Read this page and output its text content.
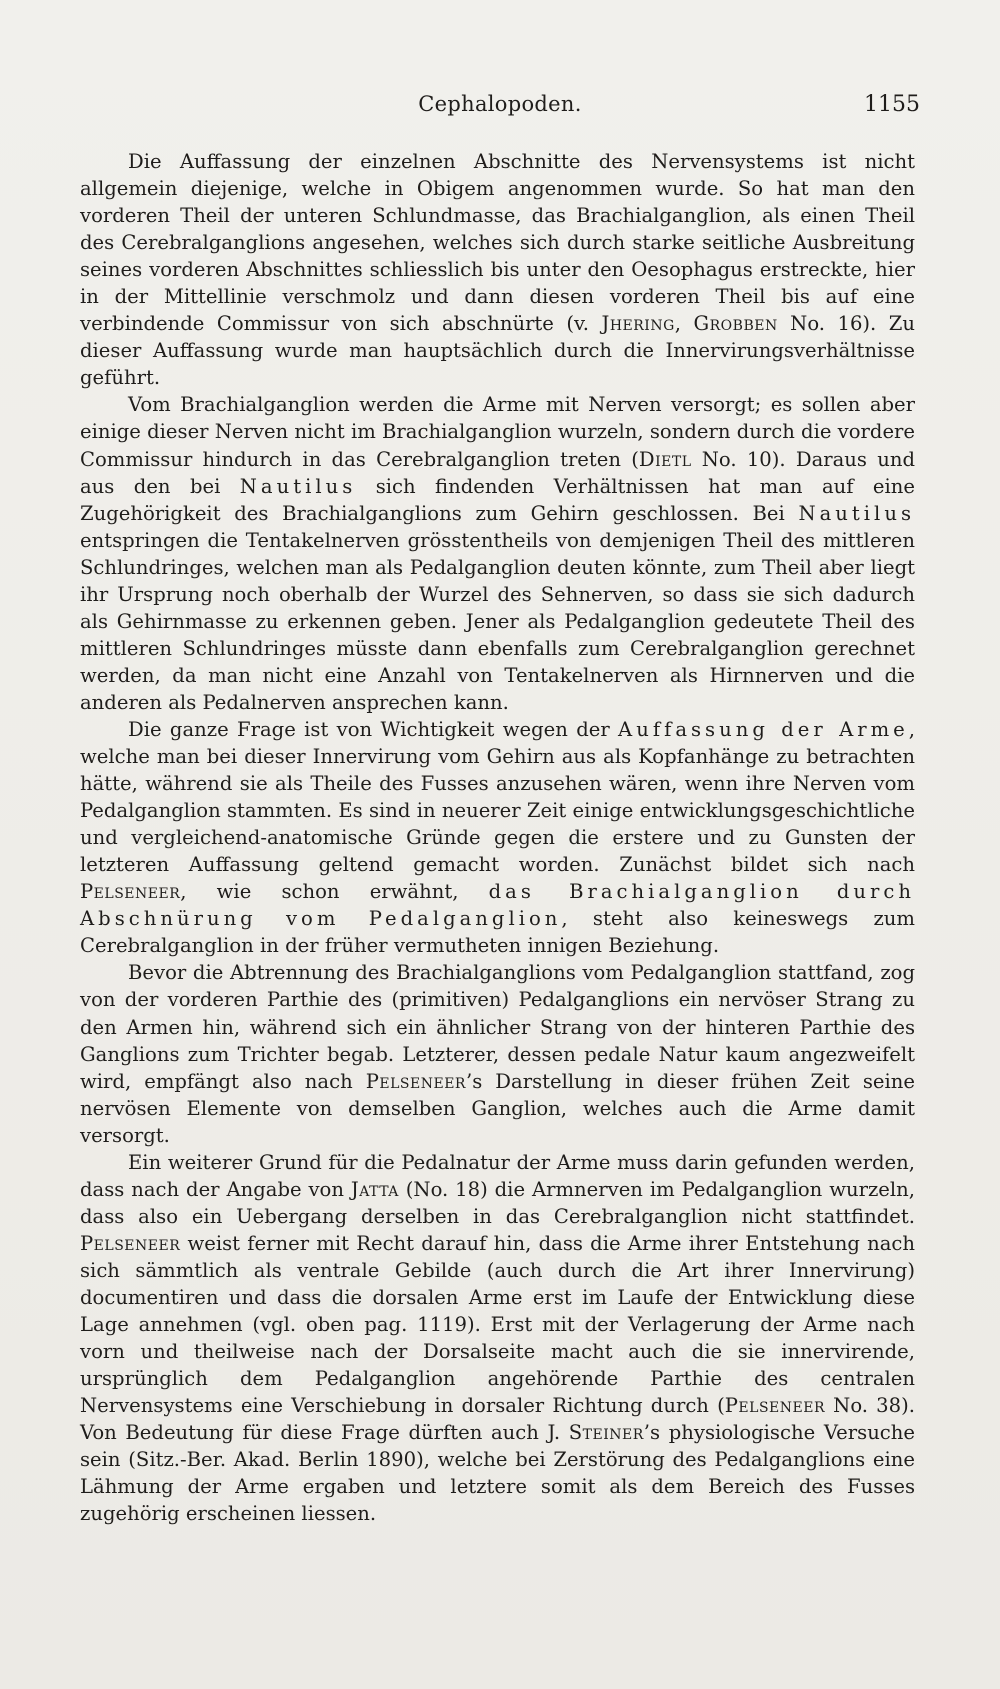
Cephalopoden.	1155

Die Auffassung der einzelnen Abschnitte des Nervensystems ist nicht allgemein diejenige, welche in Obigem angenommen wurde. So hat man den vorderen Theil der unteren Schlundmasse, das Brachialganglion, als einen Theil des Cerebralganglions angesehen, welches sich durch starke seitliche Ausbreitung seines vorderen Abschnittes schliesslich bis unter den Oesophagus erstreckte, hier in der Mittellinie verschmolz und dann diesen vorderen Theil bis auf eine verbindende Commissur von sich abschnürte (v. Jhering, Grobben No. 16). Zu dieser Auffassung wurde man hauptsächlich durch die Innervirungsverhältnisse geführt.

Vom Brachialganglion werden die Arme mit Nerven versorgt; es sollen aber einige dieser Nerven nicht im Brachialganglion wurzeln, sondern durch die vordere Commissur hindurch in das Cerebralganglion treten (Dietl No. 10). Daraus und aus den bei Nautilus sich findenden Verhältnissen hat man auf eine Zugehörigkeit des Brachialganglions zum Gehirn geschlossen. Bei Nautilus entspringen die Tentakelnerven grösstentheils von demjenigen Theil des mittleren Schlundringes, welchen man als Pedalganglion deuten könnte, zum Theil aber liegt ihr Ursprung noch oberhalb der Wurzel des Sehnerven, so dass sie sich dadurch als Gehirnmasse zu erkennen geben. Jener als Pedalganglion gedeutete Theil des mittleren Schlundringes müsste dann ebenfalls zum Cerebralganglion gerechnet werden, da man nicht eine Anzahl von Tentakelnerven als Hirnnerven und die anderen als Pedalnerven ansprechen kann.

Die ganze Frage ist von Wichtigkeit wegen der Auffassung der Arme, welche man bei dieser Innervirung vom Gehirn aus als Kopfanhänge zu betrachten hätte, während sie als Theile des Fusses anzusehen wären, wenn ihre Nerven vom Pedalganglion stammten. Es sind in neuerer Zeit einige entwicklungsgeschichtliche und vergleichend-anatomische Gründe gegen die erstere und zu Gunsten der letzteren Auffassung geltend gemacht worden. Zunächst bildet sich nach Pelseneer, wie schon erwähnt, das Brachialganglion durch Abschnürung vom Pedalganglion, steht also keineswegs zum Cerebralganglion in der früher vermutheten innigen Beziehung.

Bevor die Abtrennung des Brachialganglions vom Pedalganglion stattfand, zog von der vorderen Parthie des (primitiven) Pedalganglions ein nervöser Strang zu den Armen hin, während sich ein ähnlicher Strang von der hinteren Parthie des Ganglions zum Trichter begab. Letzterer, dessen pedale Natur kaum angezweifelt wird, empfängt also nach Pelseneer’s Darstellung in dieser frühen Zeit seine nervösen Elemente von demselben Ganglion, welches auch die Arme damit versorgt.

Ein weiterer Grund für die Pedalnatur der Arme muss darin gefunden werden, dass nach der Angabe von Jatta (No. 18) die Armnerven im Pedalganglion wurzeln, dass also ein Uebergang derselben in das Cerebralganglion nicht stattfindet. Pelseneer weist ferner mit Recht darauf hin, dass die Arme ihrer Entstehung nach sich sämmtlich als ventrale Gebilde (auch durch die Art ihrer Innervirung) documentiren und dass die dorsalen Arme erst im Laufe der Entwicklung diese Lage annehmen (vgl. oben pag. 1119). Erst mit der Verlagerung der Arme nach vorn und theilweise nach der Dorsalseite macht auch die sie innervirende, ursprünglich dem Pedalganglion angehörende Parthie des centralen Nervensystems eine Verschiebung in dorsaler Richtung durch (Pelseneer No. 38). Von Bedeutung für diese Frage dürften auch J. Steiner’s physiologische Versuche sein (Sitz.-Ber. Akad. Berlin 1890), welche bei Zerstörung des Pedalganglions eine Lähmung der Arme ergaben und letztere somit als dem Bereich des Fusses zugehörig erscheinen liessen.
